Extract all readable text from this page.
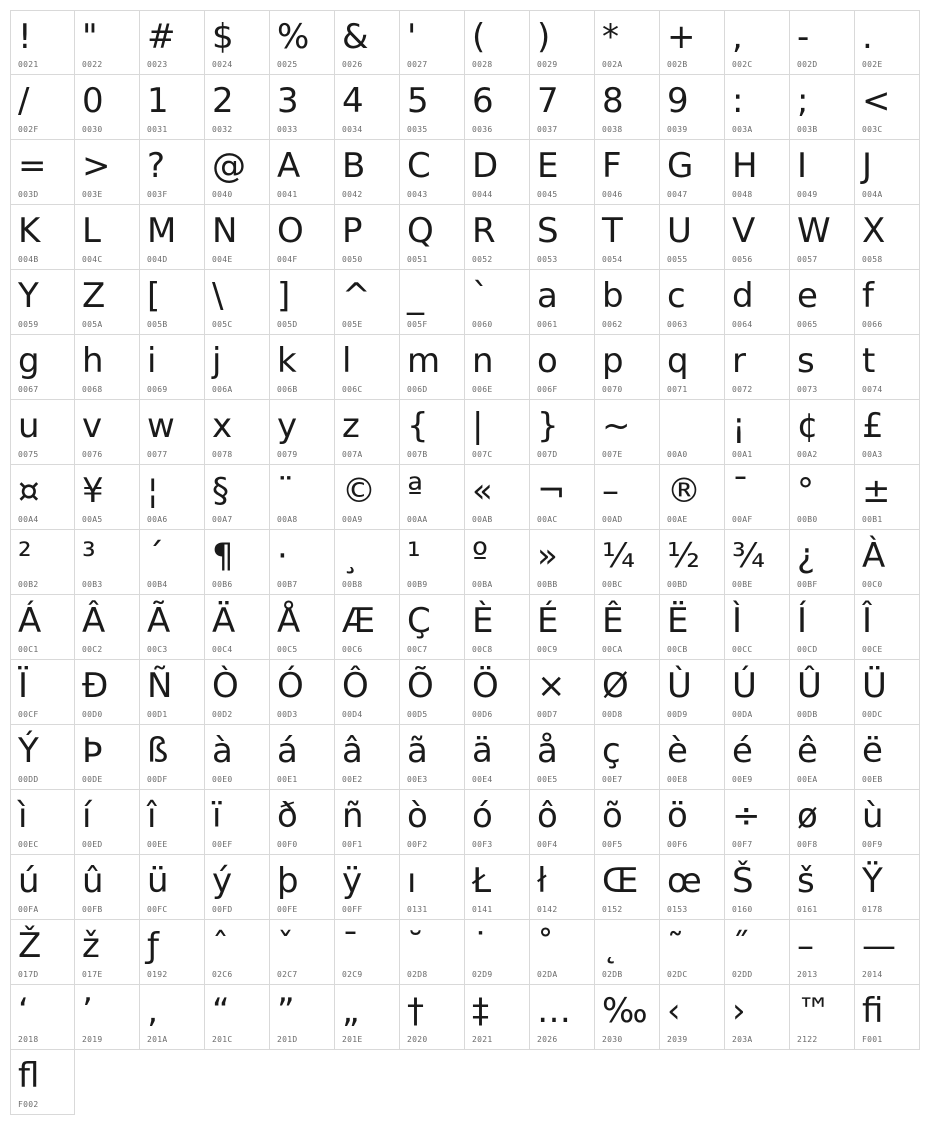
!
0021
"
0022
#
0023
$
0024
%
0025
&
0026
'
0027
(
0028
)
0029
*
002A
+
002B
,
002C
-
002D
.
002E
/
002F
0
0030
1
0031
2
0032
3
0033
4
0034
5
0035
6
0036
7
0037
8
0038
9
0039
:
003A
;
003B
<
003C
=
003D
>
003E
?
003F
@
0040
A
0041
B
0042
C
0043
D
0044
E
0045
F
0046
G
0047
H
0048
I
0049
J
004A
K
004B
L
004C
M
004D
N
004E
O
004F
P
0050
Q
0051
R
0052
S
0053
T
0054
U
0055
V
0056
W
0057
X
0058
Y
0059
Z
005A
[
005B
\
005C
]
005D
^
005E
_
005F
`
0060
a
0061
b
0062
c
0063
d
0064
e
0065
f
0066
g
0067
h
0068
i
0069
j
006A
k
006B
l
006C
m
006D
n
006E
o
006F
p
0070
q
0071
r
0072
s
0073
t
0074
u
0075
v
0076
w
0077
x
0078
y
0079
z
007A
{
007B
|
007C
}
007D
~
007E	00A0
¡
00A1
¢
00A2
£
00A3
¤
00A4
¥
00A5
¦
00A6
§
00A7
¨
00A8
©
00A9
ª
00AA
«
00AB
¬
00AC
–
00AD
®
00AE
¯
00AF
°
00B0
±
00B1
²
00B2
³
00B3
´
00B4
¶
00B6
·
00B7
¸
00B8
¹
00B9
º
00BA
»
00BB
¼
00BC
½
00BD
¾
00BE
¿
00BF
À
00C0
Á
00C1
Â
00C2
Ã
00C3
Ä
00C4
Å
00C5
Æ
00C6
Ç
00C7
È
00C8
É
00C9
Ê
00CA
Ë
00CB
Ì
00CC
Í
00CD
Î
00CE
Ï
00CF
Ð
00D0
Ñ
00D1
Ò
00D2
Ó
00D3
Ô
00D4
Õ
00D5
Ö
00D6
×
00D7
Ø
00D8
Ù
00D9
Ú
00DA
Û
00DB
Ü
00DC
Ý
00DD
Þ
00DE
ß
00DF
à
00E0
á
00E1
â
00E2
ã
00E3
ä
00E4
å
00E5
ç
00E7
è
00E8
é
00E9
ê
00EA
ë
00EB
ì
00EC
í
00ED
î
00EE
ï
00EF
ð
00F0
ñ
00F1
ò
00F2
ó
00F3
ô
00F4
õ
00F5
ö
00F6
÷
00F7
ø
00F8
ù
00F9
ú
00FA
û
00FB
ü
00FC
ý
00FD
þ
00FE
ÿ
00FF
ı
0131
Ł
0141
ł
0142
Œ
0152
œ
0153
Š
0160
š
0161
Ÿ
0178
Ž
017D
ž
017E
ƒ
0192
ˆ
02C6
ˇ
02C7
ˉ
02C9
˘
02D8
˙
02D9
˚
02DA
˛
02DB
˜
02DC
˝
02DD
–
2013
—
2014
‘
2018
’
2019
‚
201A
“
201C
”
201D
„
201E
†
2020
‡
2021
…
2026
‰
2030
‹
2039
›
203A
™
2122
ﬁ
F001
ﬂ
F002
